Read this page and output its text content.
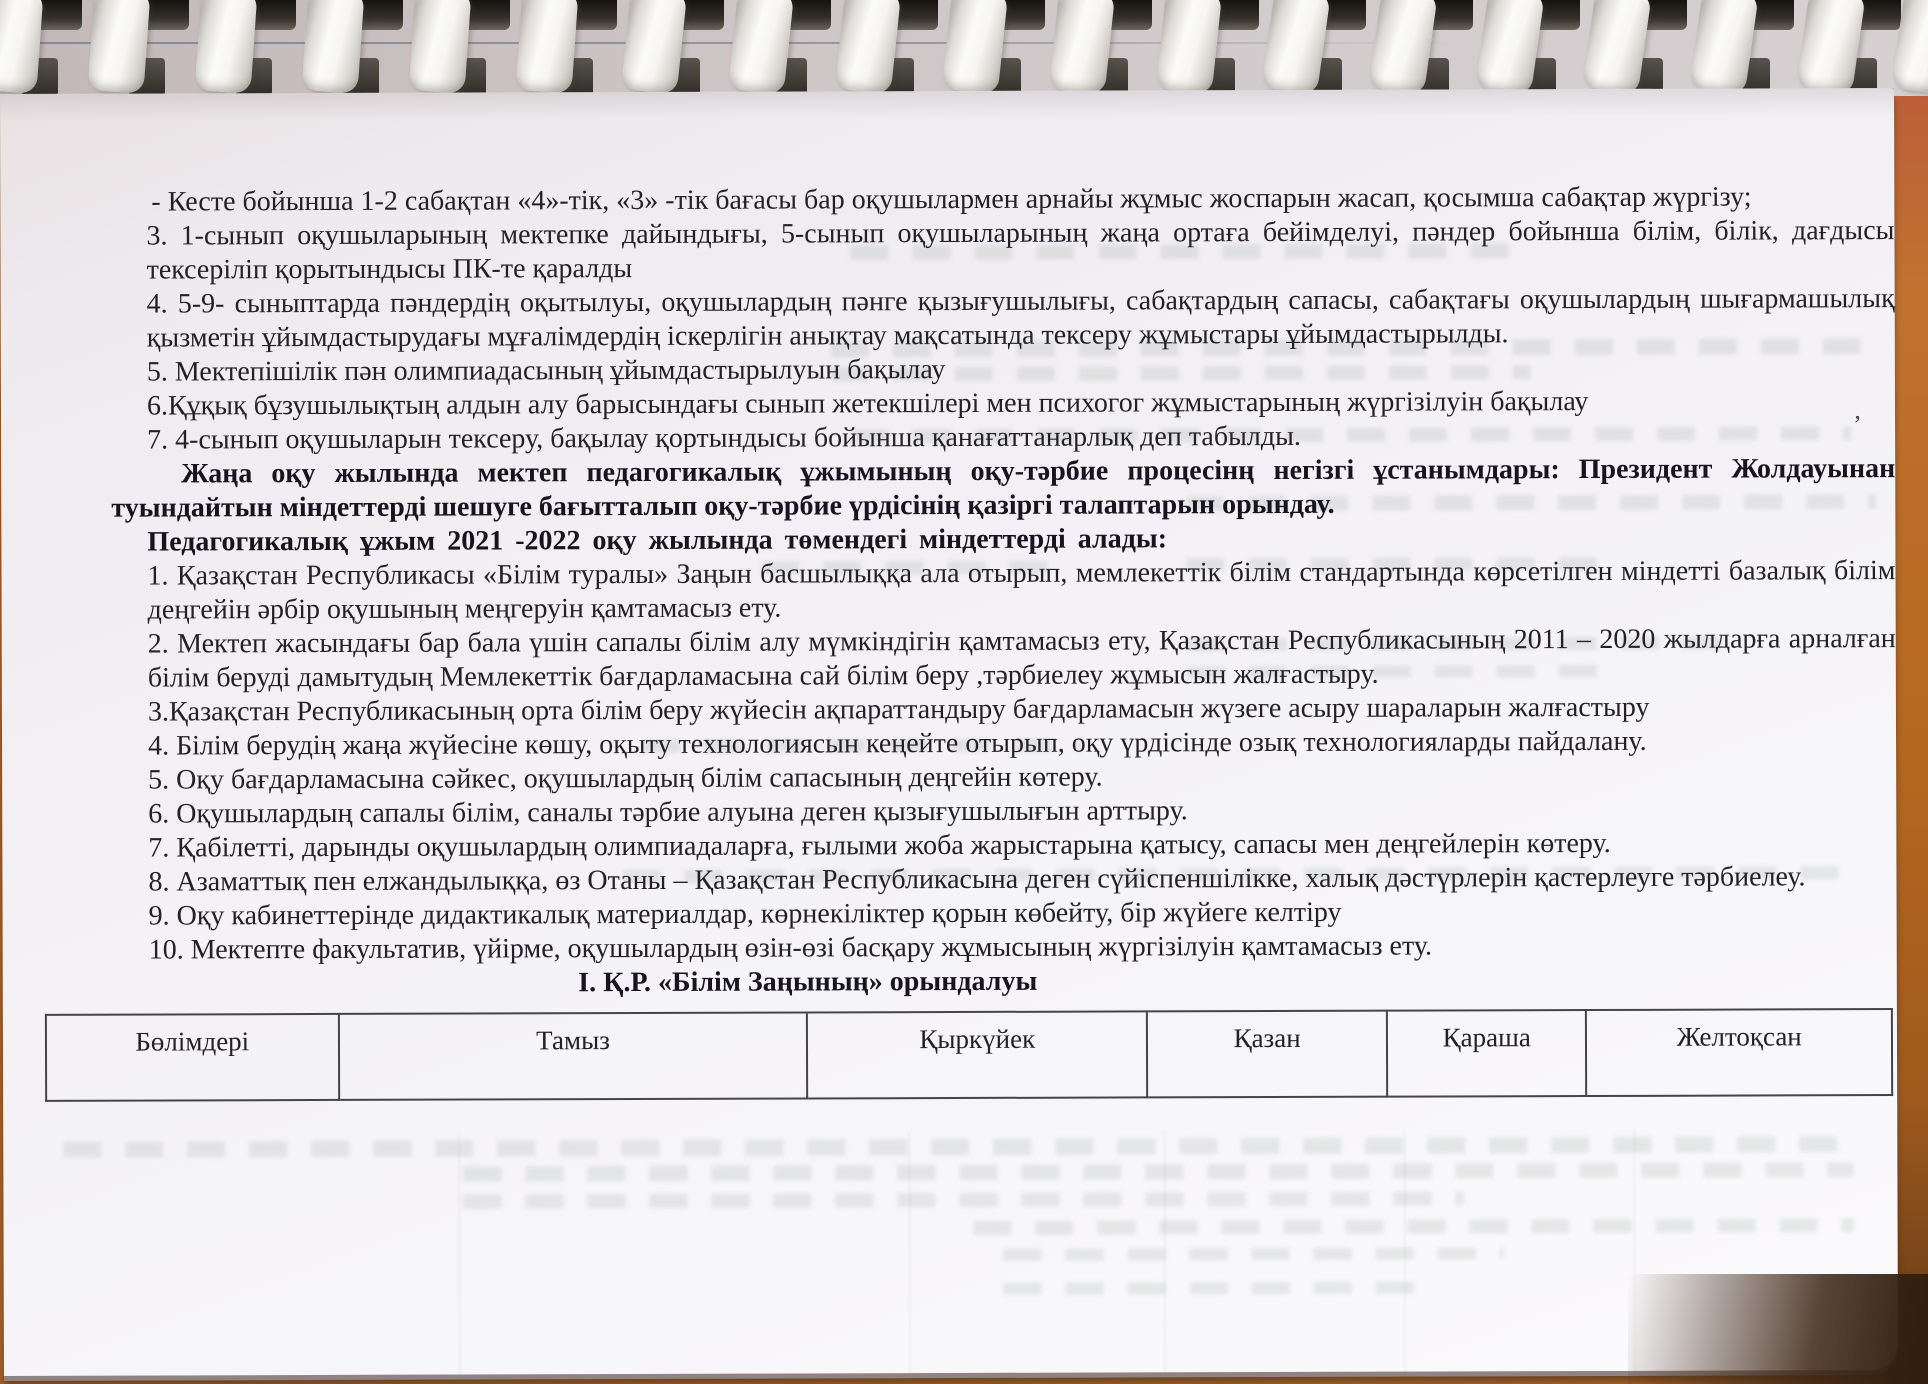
’

- Кесте бойынша 1-2 сабақтан «4»-тік, «3» -тік бағасы бар оқушылармен арнайы жұмыс жоспарын жасап, қосымша сабақтар жүргізу;

3. 1-сынып оқушыларының мектепке дайындығы, 5-сынып оқушыларының жаңа ортаға бейімделуі, пәндер бойынша білім, білік, дағдысы тексеріліп қорытындысы ПК-те қаралды

4. 5-9- сыныптарда пәндердің оқытылуы, оқушылардың пәнге қызығушылығы, сабақтардың сапасы, сабақтағы оқушылардың шығармашылық қызметін ұйымдастырудағы мұғалімдердің іскерлігін анықтау мақсатында тексеру жұмыстары ұйымдастырылды.

5. Мектепішілік пән олимпиадасының ұйымдастырылуын бақылау

6.Құқық бұзушылықтың алдын алу барысындағы сынып жетекшілері мен психогог жұмыстарының жүргізілуін бақылау

7. 4-сынып оқушыларын тексеру, бақылау қортындысы бойынша қанағаттанарлық деп табылды.

Жаңа оқу жылында мектеп педагогикалық ұжымының оқу-тәрбие процесінң негізгі ұстанымдары: Президент Жолдауынан туындайтын міндеттерді шешуге бағытталып оқу-тәрбие үрдісінің қазіргі талаптарын орындау.

Педагогикалық ұжым 2021 -2022 оқу жылында төмендегі міндеттерді алады:

1. Қазақстан Республикасы «Білім туралы» Заңын басшылыққа ала отырып, мемлекеттік білім стандартында көрсетілген міндетті базалық білім деңгейін әрбір оқушының меңгеруін қамтамасыз ету.

2. Мектеп жасындағы бар бала үшін сапалы білім алу мүмкіндігін қамтамасыз ету, Қазақстан Республикасының 2011 – 2020 жылдарға арналған білім беруді дамытудың Мемлекеттік бағдарламасына сай білім беру ,тәрбиелеу жұмысын жалғастыру.

3.Қазақстан Республикасының орта білім беру жүйесін ақпараттандыру бағдарламасын жүзеге асыру шараларын жалғастыру

4. Білім берудің жаңа жүйесіне көшу, оқыту технологиясын кеңейте отырып, оқу үрдісінде озық технологияларды пайдалану.

5. Оқу бағдарламасына сәйкес, оқушылардың білім сапасының деңгейін көтеру.

6. Оқушылардың сапалы білім, саналы тәрбие алуына деген қызығушылығын арттыру.

7. Қабілетті, дарынды оқушылардың олимпиадаларға, ғылыми жоба жарыстарына қатысу, сапасы мен деңгейлерін көтеру.

8. Азаматтық пен елжандылыққа, өз Отаны – Қазақстан Республикасына деген сүйіспеншілікке, халық дәстүрлерін қастерлеуге тәрбиелеу.

9. Оқу кабинеттерінде дидактикалық материалдар, көрнекіліктер қорын көбейту, бір жүйеге келтіру

10. Мектепте факультатив, үйірме, оқушылардың өзін-өзі басқару жұмысының жүргізілуін қамтамасыз ету.

І. Қ.Р. «Білім Заңының» орындалуы

Бөлімдері	Тамыз	Қыркүйек	Қазан	Қараша	Желтоқсан
